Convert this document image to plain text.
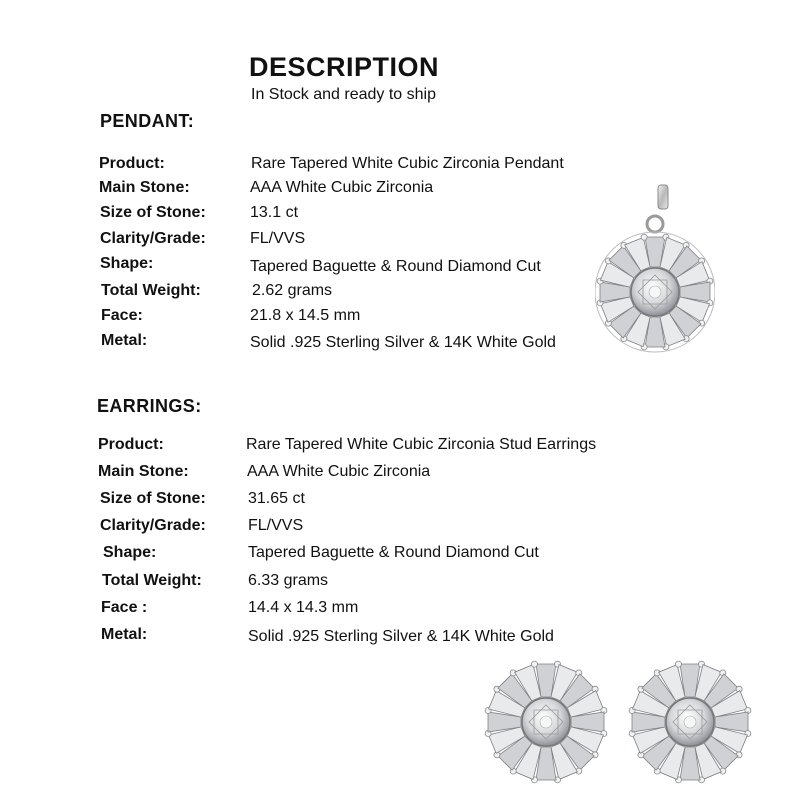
DESCRIPTION
In Stock and ready to ship
PENDANT:
Product:	Rare Tapered White Cubic Zirconia Pendant
Main Stone:	AAA White Cubic Zirconia
Size of Stone:	13.1 ct
Clarity/Grade:	FL/VVS
Shape:	Tapered Baguette & Round Diamond Cut
Total Weight:	2.62 grams
Face:	21.8 x 14.5 mm
Metal:	Solid .925 Sterling Silver & 14K White Gold
EARRINGS:
Product:	Rare Tapered White Cubic Zirconia Stud Earrings
Main Stone:	AAA White Cubic Zirconia
Size of Stone:	31.65 ct
Clarity/Grade:	FL/VVS
Shape:	Tapered Baguette & Round Diamond Cut
Total Weight:	6.33 grams
Face :	14.4 x 14.3 mm
Metal:	Solid .925 Sterling Silver & 14K White Gold
